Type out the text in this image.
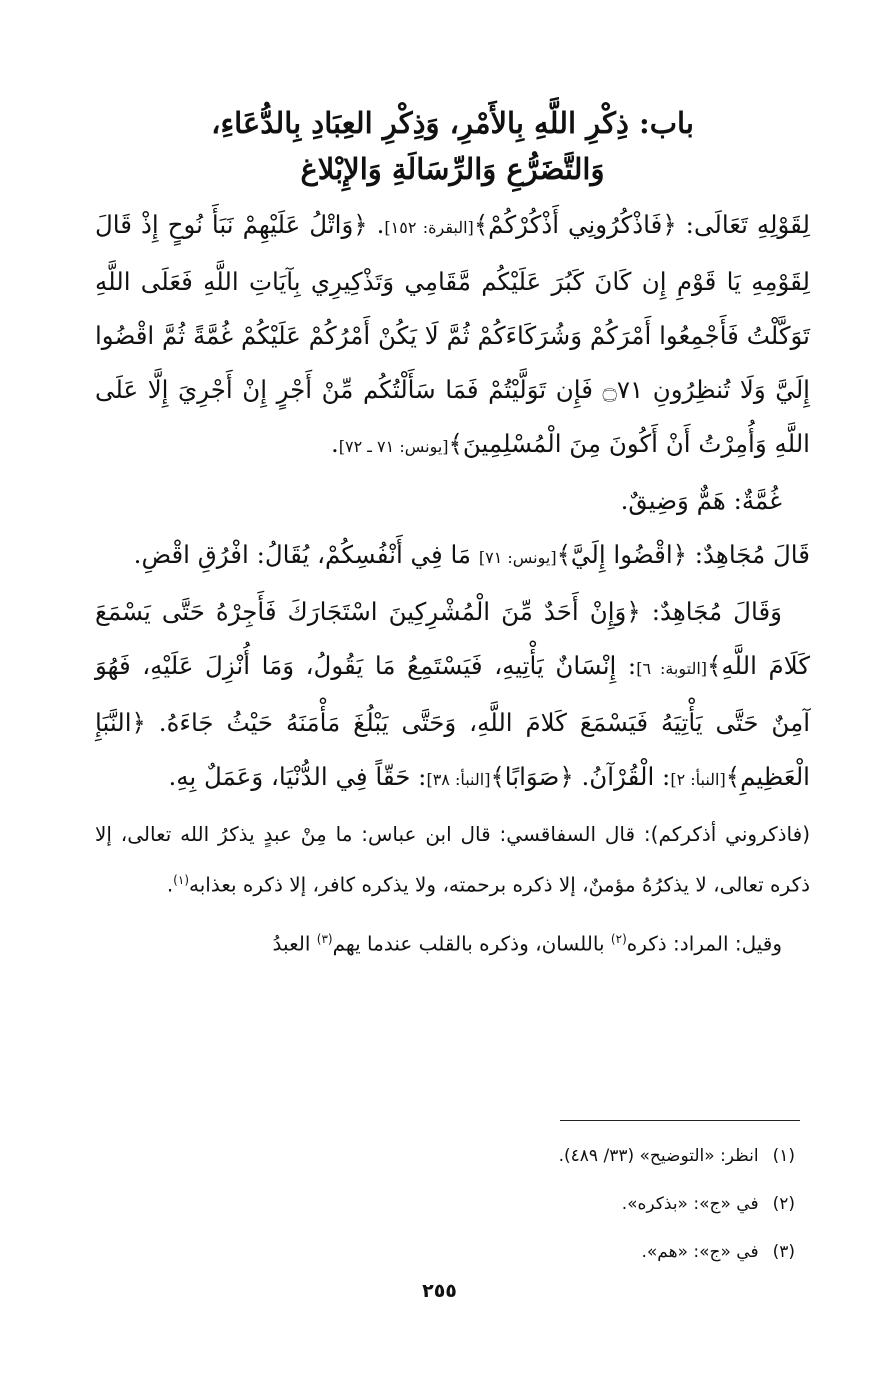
باب: ذِكْرِ اللَّهِ بِالأَمْرِ، وَذِكْرِ العِبَادِ بِالدُّعَاءِ،
وَالتَّضَرُّعِ وَالرِّسَالَةِ وَالإِبْلاغ

لِقَوْلِهِ تَعَالَى: ﴿فَاذْكُرُونِي أَذْكُرْكُمْ﴾[البقرة: ١٥٢]. ﴿وَاتْلُ عَلَيْهِمْ نَبَأَ نُوحٍ إِذْ قَالَ لِقَوْمِهِ يَا قَوْمِ إِن كَانَ كَبُرَ عَلَيْكُم مَّقَامِي وَتَذْكِيرِي بِآيَاتِ اللَّهِ فَعَلَى اللَّهِ تَوَكَّلْتُ فَأَجْمِعُوا أَمْرَكُمْ وَشُرَكَاءَكُمْ ثُمَّ لَا يَكُنْ أَمْرُكُمْ عَلَيْكُمْ غُمَّةً ثُمَّ اقْضُوا إِلَيَّ وَلَا تُنظِرُونِ ۝٧١ فَإِن تَوَلَّيْتُمْ فَمَا سَأَلْتُكُم مِّنْ أَجْرٍ إِنْ أَجْرِيَ إِلَّا عَلَى اللَّهِ وَأُمِرْتُ أَنْ أَكُونَ مِنَ الْمُسْلِمِينَ﴾[يونس: ٧١ ـ ٧٢].

غُمَّةٌ: هَمٌّ وَضِيقٌ.

قَالَ مُجَاهِدٌ: ﴿اقْضُوا إِلَيَّ﴾[يونس: ٧١] مَا فِي أَنْفُسِكُمْ، يُقَالُ: افْرُقِ اقْضِ.

وَقَالَ مُجَاهِدٌ: ﴿وَإِنْ أَحَدٌ مِّنَ الْمُشْرِكِينَ اسْتَجَارَكَ فَأَجِرْهُ حَتَّى يَسْمَعَ كَلَامَ اللَّهِ﴾[التوبة: ٦]: إِنْسَانٌ يَأْتِيهِ، فَيَسْتَمِعُ مَا يَقُولُ، وَمَا أُنْزِلَ عَلَيْهِ، فَهُوَ آمِنٌ حَتَّى يَأْتِيَهُ فَيَسْمَعَ كَلامَ اللَّهِ، وَحَتَّى يَبْلُغَ مَأْمَنَهُ حَيْثُ جَاءَهُ. ﴿النَّبَإِ الْعَظِيمِ﴾[النبأ: ٢]: الْقُرْآنُ. ﴿صَوَابًا﴾[النبأ: ٣٨]: حَقّاً فِي الدُّنْيَا، وَعَمَلٌ بِهِ.

(فاذكروني أذكركم): قال السفاقسي: قال ابن عباس: ما مِنْ عبدٍ يذكرُ الله تعالى، إلا ذكره تعالى، لا يذكرُهُ مؤمنٌ، إلا ذكره برحمته، ولا يذكره كافر، إلا ذكره بعذابه$^{(١)}$.

وقيل: المراد: ذكره$^{(٢)}$ باللسان، وذكره بالقلب عندما يهم$^{(٣)}$ العبدُ

(١)انظر: «التوضيح» (٣٣/ ٤٨٩).

(٢)في «ج»: «بذكره».

(٣)في «ج»: «هم».

٢٥٥
